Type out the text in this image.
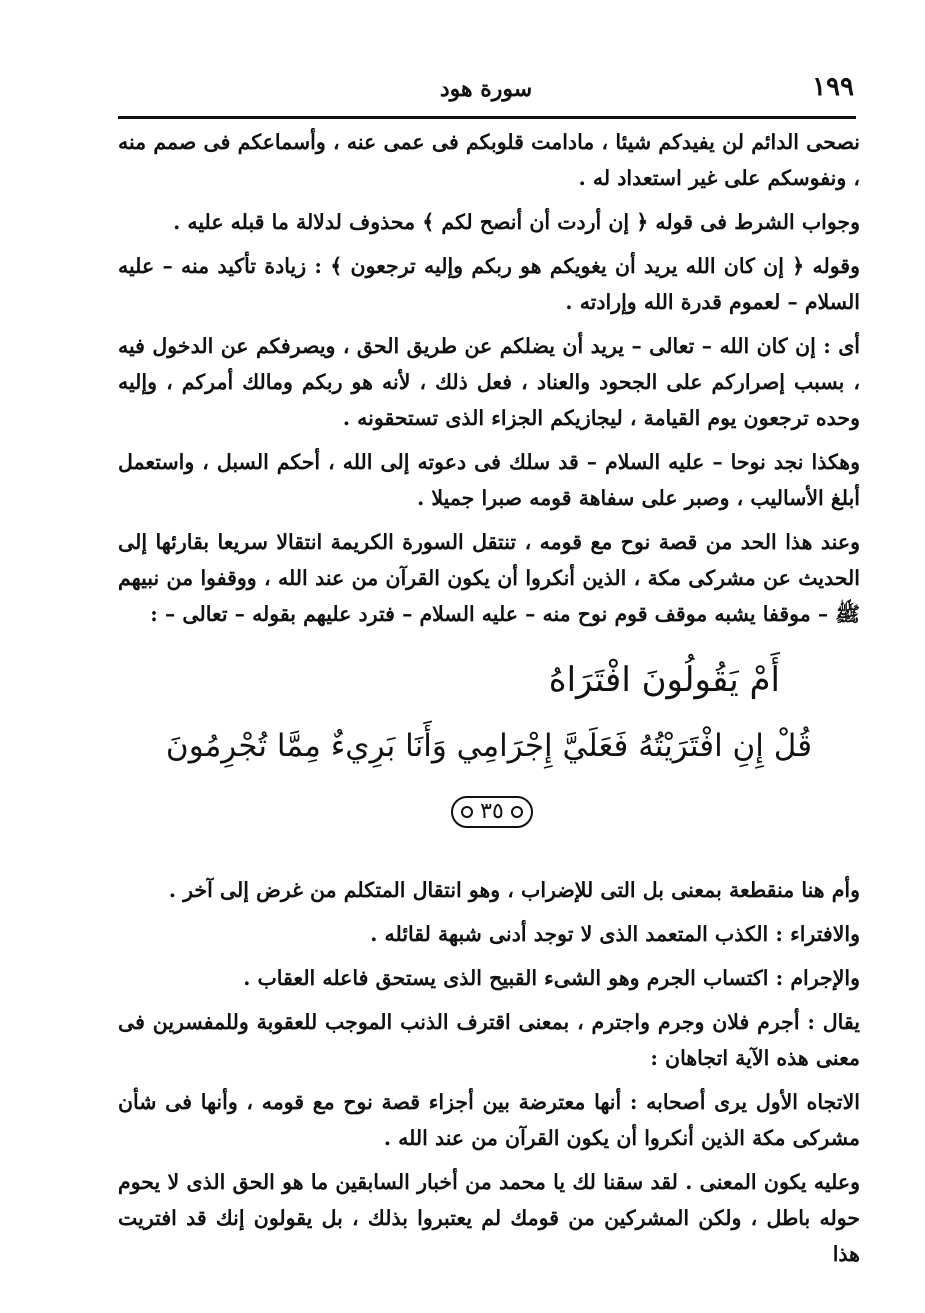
١٩٩
سورة هود

نصحى الدائم لن يفيدكم شيئا ، مادامت قلوبكم فى عمى عنه ، وأسماعكم فى صمم منه ، ونفوسكم على غير استعداد له .

وجواب الشرط فى قوله ﴿ إن أردت أن أنصح لكم ﴾ محذوف لدلالة ما قبله عليه .

وقوله ﴿ إن كان الله يريد أن يغويكم هو ربكم وإليه ترجعون ﴾ : زيادة تأكيد منه – عليه السلام – لعموم قدرة الله وإرادته .

أى : إن كان الله – تعالى – يريد أن يضلكم عن طريق الحق ، ويصرفكم عن الدخول فيه ، بسبب إصراركم على الجحود والعناد ، فعل ذلك ، لأنه هو ربكم ومالك أمركم ، وإليه وحده ترجعون يوم القيامة ، ليجازيكم الجزاء الذى تستحقونه .

وهكذا نجد نوحا – عليه السلام – قد سلك فى دعوته إلى الله ، أحكم السبل ، واستعمل أبلغ الأساليب ، وصبر على سفاهة قومه صبرا جميلا .

وعند هذا الحد من قصة نوح مع قومه ، تنتقل السورة الكريمة انتقالا سريعا بقارئها إلى الحديث عن مشركى مكة ، الذين أنكروا أن يكون القرآن من عند الله ، ووقفوا من نبيهم ﷺ – موقفا يشبه موقف قوم نوح منه – عليه السلام – فترد عليهم بقوله – تعالى – :

أَمْ يَقُولُونَ افْتَرَاهُ
قُلْ إِنِ افْتَرَيْتُهُ فَعَلَيَّ إِجْرَامِي وَأَنَا بَرِيءٌ مِمَّا تُجْرِمُونَ  ٣٥

وأم هنا منقطعة بمعنى بل التى للإضراب ، وهو انتقال المتكلم من غرض إلى آخر .

والافتراء : الكذب المتعمد الذى لا توجد أدنى شبهة لقائله .

والإجرام : اكتساب الجرم وهو الشىء القبيح الذى يستحق فاعله العقاب .

يقال : أجرم فلان وجرم واجترم ، بمعنى اقترف الذنب الموجب للعقوبة وللمفسرين فى معنى هذه الآية اتجاهان :

الاتجاه الأول يرى أصحابه : أنها معترضة بين أجزاء قصة نوح مع قومه ، وأنها فى شأن مشركى مكة الذين أنكروا أن يكون القرآن من عند الله .

وعليه يكون المعنى . لقد سقنا لك يا محمد من أخبار السابقين ما هو الحق الذى لا يحوم حوله باطل ، ولكن المشركين من قومك لم يعتبروا بذلك ، بل يقولون إنك قد افتريت هذا
